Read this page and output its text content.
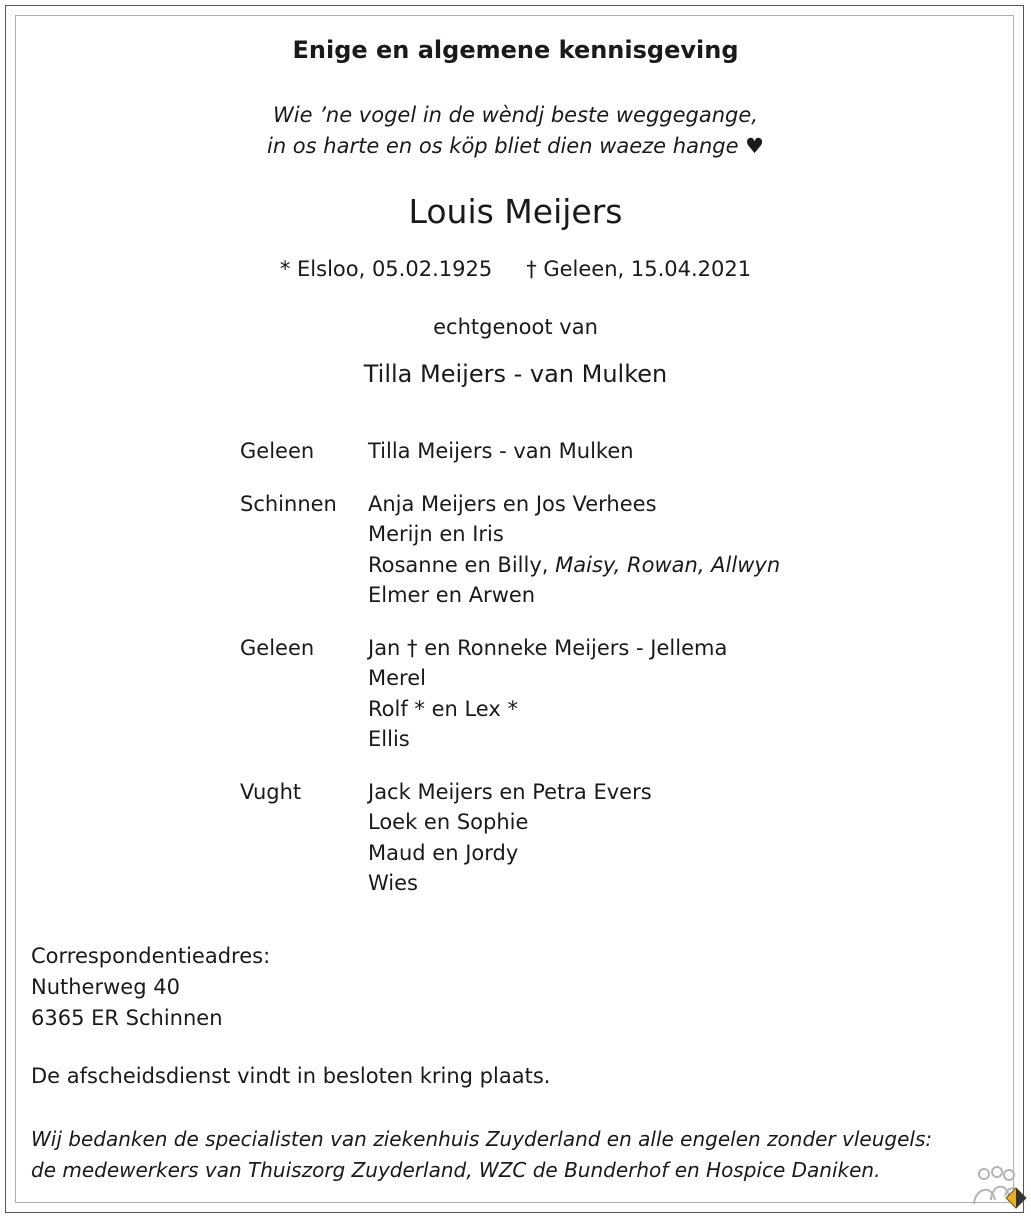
Enige en algemene kennisgeving
Wie ’ne vogel in de wèndj beste weggegange,
in os harte en os köp bliet dien waeze hange ♥
Louis Meijers
* Elsloo, 05.02.1925 † Geleen, 15.04.2021
echtgenoot van
Tilla Meijers - van Mulken
Geleen	Tilla Meijers - van Mulken
Schinnen	Anja Meijers en Jos Verhees
Merijn en Iris
Rosanne en Billy, Maisy, Rowan, Allwyn
Elmer en Arwen
Geleen	Jan † en Ronneke Meijers - Jellema
Merel
Rolf * en Lex *
Ellis
Vught	Jack Meijers en Petra Evers
Loek en Sophie
Maud en Jordy
Wies
Correspondentieadres:
Nutherweg 40
6365 ER Schinnen
De afscheidsdienst vindt in besloten kring plaats.
Wij bedanken de specialisten van ziekenhuis Zuyderland en alle engelen zonder vleugels:
de medewerkers van Thuiszorg Zuyderland, WZC de Bunderhof en Hospice Daniken.
